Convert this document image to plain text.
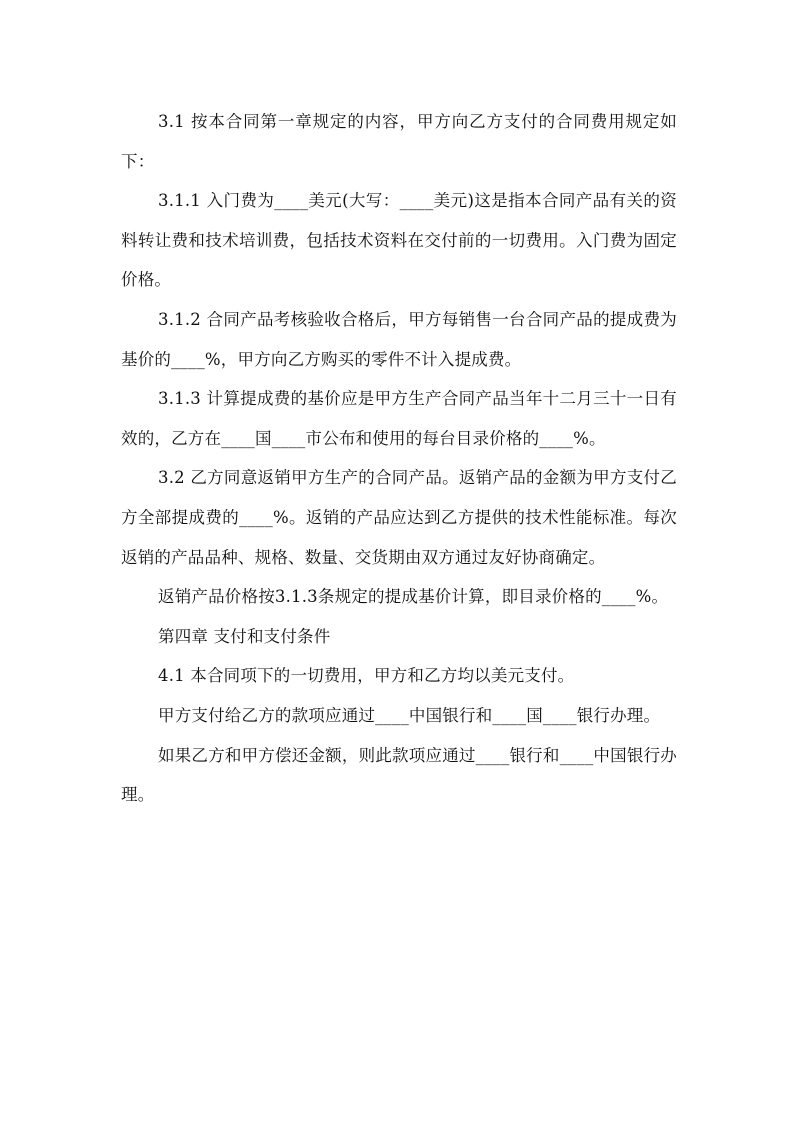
3.1 按本合同第一章规定的内容，甲方向乙方支付的合同费用规定如下：

3.1.1 入门费为____美元(大写：____美元)这是指本合同产品有关的资料转让费和技术培训费，包括技术资料在交付前的一切费用。入门费为固定价格。

3.1.2 合同产品考核验收合格后，甲方每销售一台合同产品的提成费为基价的____%，甲方向乙方购买的零件不计入提成费。

3.1.3 计算提成费的基价应是甲方生产合同产品当年十二月三十一日有效的，乙方在____国____市公布和使用的每台目录价格的____%。

3.2 乙方同意返销甲方生产的合同产品。返销产品的金额为甲方支付乙方全部提成费的____%。返销的产品应达到乙方提供的技术性能标准。每次返销的产品品种、规格、数量、交货期由双方通过友好协商确定。

返销产品价格按3.1.3条规定的提成基价计算，即目录价格的____%。

第四章 支付和支付条件

4.1 本合同项下的一切费用，甲方和乙方均以美元支付。

甲方支付给乙方的款项应通过____中国银行和____国____银行办理。

如果乙方和甲方偿还金额，则此款项应通过____银行和____中国银行办理。
